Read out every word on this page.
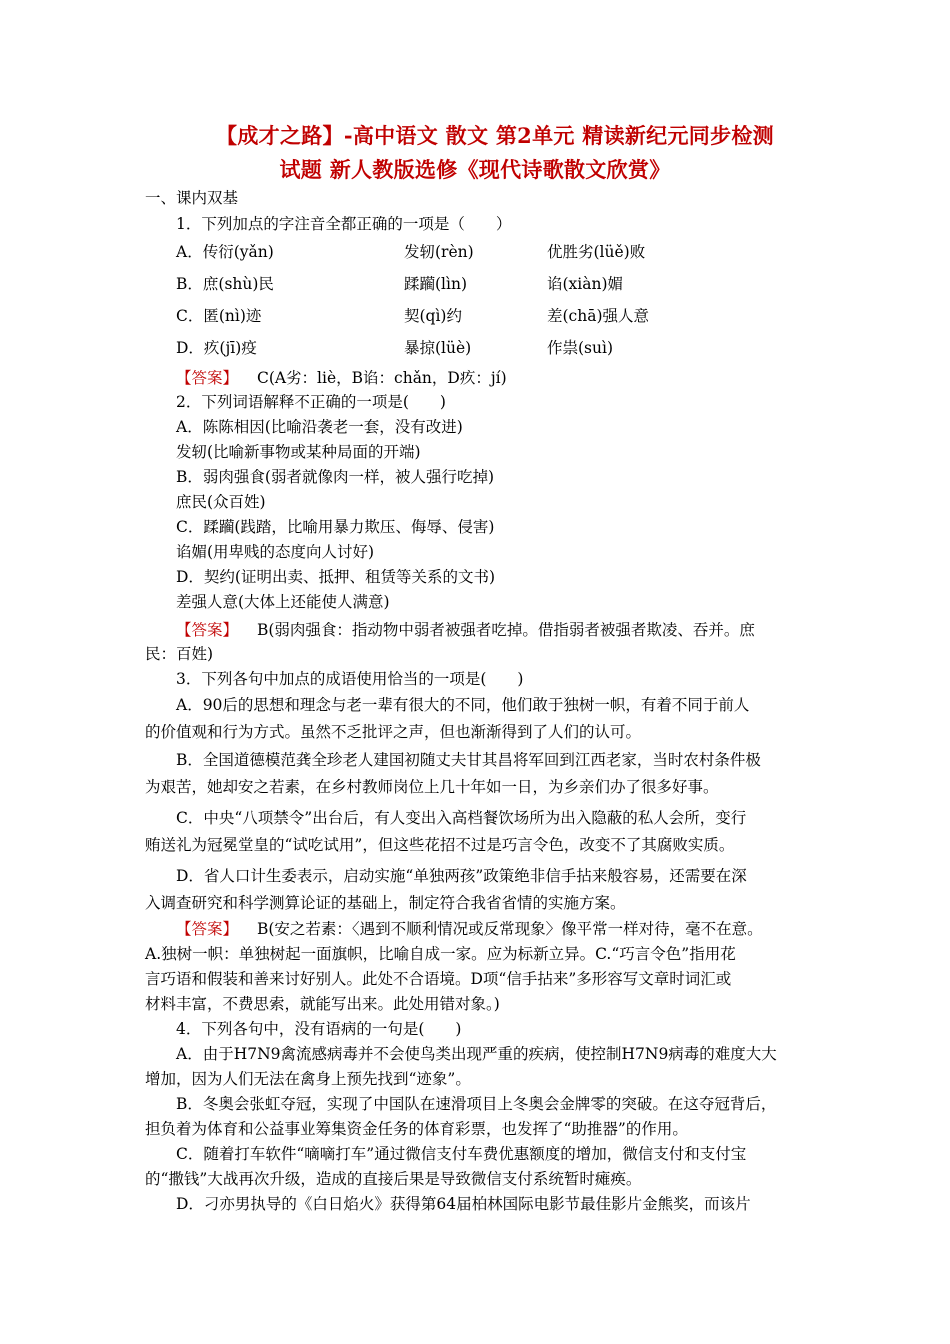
【成才之路】-高中语文 散文 第2单元 精读新纪元同步检测
试题 新人教版选修《现代诗歌散文欣赏》
一、课内双基
1．下列加点的字注音全都正确的一项是（　　）
A．传衍(yǎn)	发轫(rèn)	优胜劣(lüě)败
B．庶(shù)民	蹂躏(lìn)	谄(xiàn)媚
C．匿(nì)迹	契(qì)约	差(chā)强人意
D．疚(jī)疫	暴掠(lüè)	作祟(suì)
【答案】 C(A劣：liè，B谄：chǎn，D疚：jí)
2．下列词语解释不正确的一项是(　　)
A．陈陈相因(比喻沿袭老一套，没有改进)
发轫(比喻新事物或某种局面的开端)
B．弱肉强食(弱者就像肉一样，被人强行吃掉)
庶民(众百姓)
C．蹂躏(践踏，比喻用暴力欺压、侮辱、侵害)
谄媚(用卑贱的态度向人讨好)
D．契约(证明出卖、抵押、租赁等关系的文书)
差强人意(大体上还能使人满意)
【答案】 B(弱肉强食：指动物中弱者被强者吃掉。借指弱者被强者欺凌、吞并。庶
民：百姓)
3．下列各句中加点的成语使用恰当的一项是(　　)
A．90后的思想和理念与老一辈有很大的不同，他们敢于独树一帜，有着不同于前人
的价值观和行为方式。虽然不乏批评之声，但也渐渐得到了人们的认可。
B．全国道德模范龚全珍老人建国初随丈夫甘其昌将军回到江西老家，当时农村条件极
为艰苦，她却安之若素，在乡村教师岗位上几十年如一日，为乡亲们办了很多好事。
C．中央“八项禁令”出台后，有人变出入高档餐饮场所为出入隐蔽的私人会所，变行
贿送礼为冠冕堂皇的“试吃试用”，但这些花招不过是巧言令色，改变不了其腐败实质。
D．省人口计生委表示，启动实施“单独两孩”政策绝非信手拈来般容易，还需要在深
入调查研究和科学测算论证的基础上，制定符合我省省情的实施方案。
【答案】 B(安之若素：〈遇到不顺利情况或反常现象〉像平常一样对待，毫不在意。
A.独树一帜：单独树起一面旗帜，比喻自成一家。应为标新立异。C.“巧言令色”指用花
言巧语和假装和善来讨好别人。此处不合语境。D项“信手拈来”多形容写文章时词汇或
材料丰富，不费思索，就能写出来。此处用错对象。)
4．下列各句中，没有语病的一句是(　　)
A．由于H7N9禽流感病毒并不会使鸟类出现严重的疾病，使控制H7N9病毒的难度大大
增加，因为人们无法在禽身上预先找到“迹象”。
B．冬奥会张虹夺冠，实现了中国队在速滑项目上冬奥会金牌零的突破。在这夺冠背后，
担负着为体育和公益事业筹集资金任务的体育彩票，也发挥了“助推器”的作用。
C．随着打车软件“嘀嘀打车”通过微信支付车费优惠额度的增加，微信支付和支付宝
的“撒钱”大战再次升级，造成的直接后果是导致微信支付系统暂时瘫痪。
D．刁亦男执导的《白日焰火》获得第64届柏林国际电影节最佳影片金熊奖，而该片
